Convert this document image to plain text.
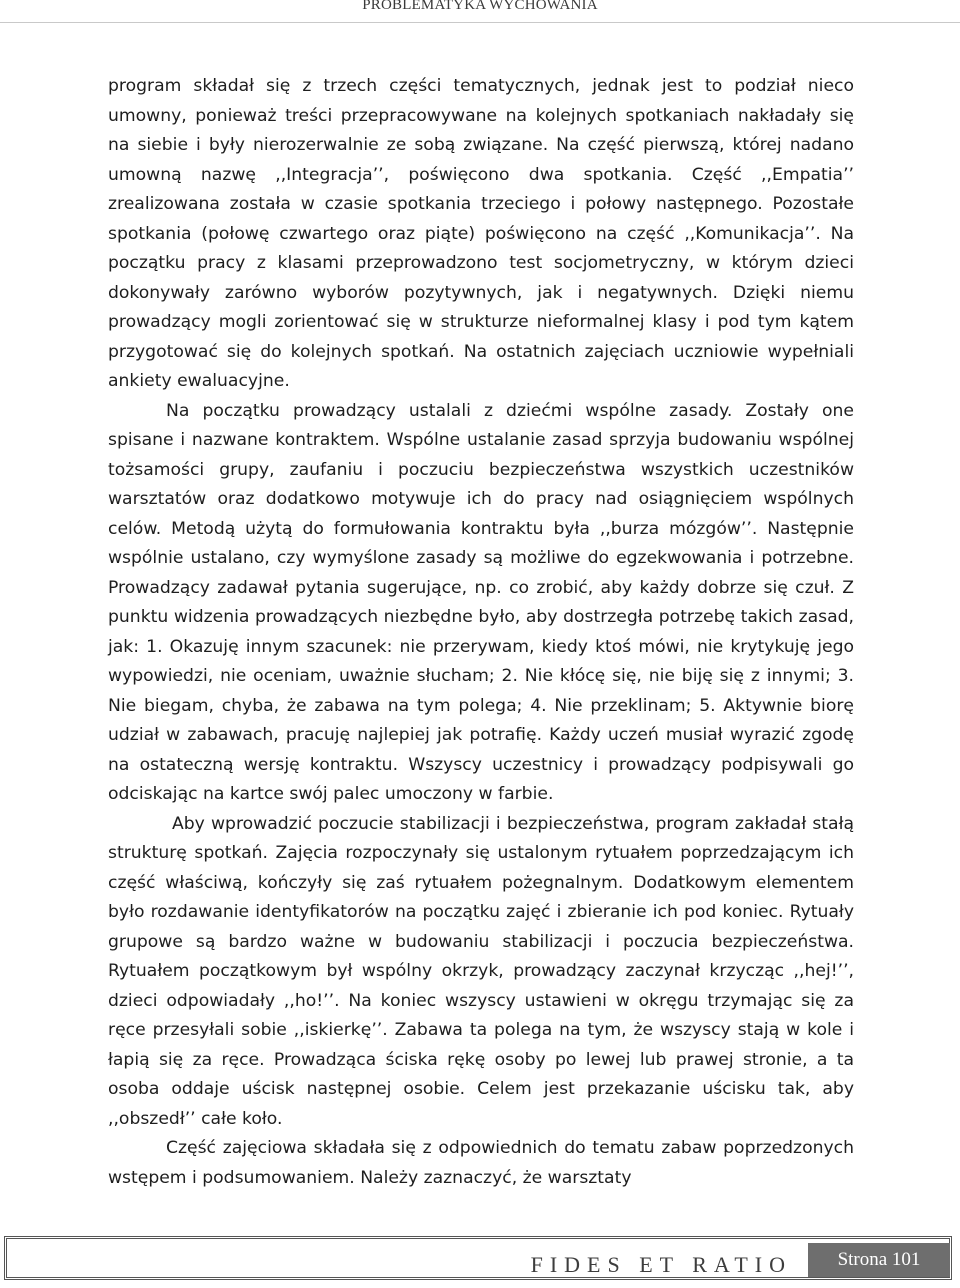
PROBLEMATYKA WYCHOWANIA

program składał się z trzech części tematycznych, jednak jest to podział nieco umowny, ponieważ treści przepracowywane na kolejnych spotkaniach nakładały się na siebie i były nierozerwalnie ze sobą związane. Na część pierwszą, której nadano umowną nazwę ,,Integracja’’, poświęcono dwa spotkania. Część ,,Empatia’’ zrealizowana została w czasie spotkania trzeciego i połowy następnego. Pozostałe spotkania (połowę czwartego oraz piąte) poświęcono na część ,,Komunikacja’’. Na początku pracy z klasami przeprowadzono test socjometryczny, w którym dzieci dokonywały zarówno wyborów pozytywnych, jak i negatywnych. Dzięki niemu prowadzący mogli zorientować się w strukturze nieformalnej klasy i pod tym kątem przygotować się do kolejnych spotkań. Na ostatnich zajęciach uczniowie wypełniali ankiety ewaluacyjne.

Na początku prowadzący ustalali z dziećmi wspólne zasady. Zostały one spisane i nazwane kontraktem. Wspólne ustalanie zasad sprzyja budowaniu wspólnej tożsamości grupy, zaufaniu i poczuciu bezpieczeństwa wszystkich uczestników warsztatów oraz dodatkowo motywuje ich do pracy nad osiągnięciem wspólnych celów. Metodą użytą do formułowania kontraktu była ,,burza mózgów’’. Następnie wspólnie ustalano, czy wymyślone zasady są możliwe do egzekwowania i potrzebne. Prowadzący zadawał pytania sugerujące, np. co zrobić, aby każdy dobrze się czuł. Z punktu widzenia prowadzących niezbędne było, aby dostrzegła potrzebę takich zasad, jak: 1. Okazuję innym szacunek: nie przerywam, kiedy ktoś mówi, nie krytykuję jego wypowiedzi, nie oceniam, uważnie słucham; 2. Nie kłócę się, nie biję się z innymi; 3. Nie biegam, chyba, że zabawa na tym polega; 4. Nie przeklinam; 5. Aktywnie biorę udział w zabawach, pracuję najlepiej jak potrafię. Każdy uczeń musiał wyrazić zgodę na ostateczną wersję kontraktu. Wszyscy uczestnicy i prowadzący podpisywali go odciskając na kartce swój palec umoczony w farbie.

Aby wprowadzić poczucie stabilizacji i bezpieczeństwa, program zakładał stałą strukturę spotkań. Zajęcia rozpoczynały się ustalonym rytuałem poprzedzającym ich część właściwą, kończyły się zaś rytuałem pożegnalnym. Dodatkowym elementem było rozdawanie identyfikatorów na początku zajęć i zbieranie ich pod koniec. Rytuały grupowe są bardzo ważne w budowaniu stabilizacji i poczucia bezpieczeństwa. Rytuałem początkowym był wspólny okrzyk, prowadzący zaczynał krzycząc ,,hej!’’, dzieci odpowiadały ,,ho!’’. Na koniec wszyscy ustawieni w okręgu trzymając się za ręce przesyłali sobie ,,iskierkę’’. Zabawa ta polega na tym, że wszyscy stają w kole i łapią się za ręce. Prowadząca ściska rękę osoby po lewej lub prawej stronie, a ta osoba oddaje uścisk następnej osobie. Celem jest przekazanie uścisku tak, aby ,,obszedł’’ całe koło.

Część zajęciowa składała się z odpowiednich do tematu zabaw poprzedzonych wstępem i podsumowaniem. Należy zaznaczyć, że warsztaty

FIDES ET RATIO Strona 101
